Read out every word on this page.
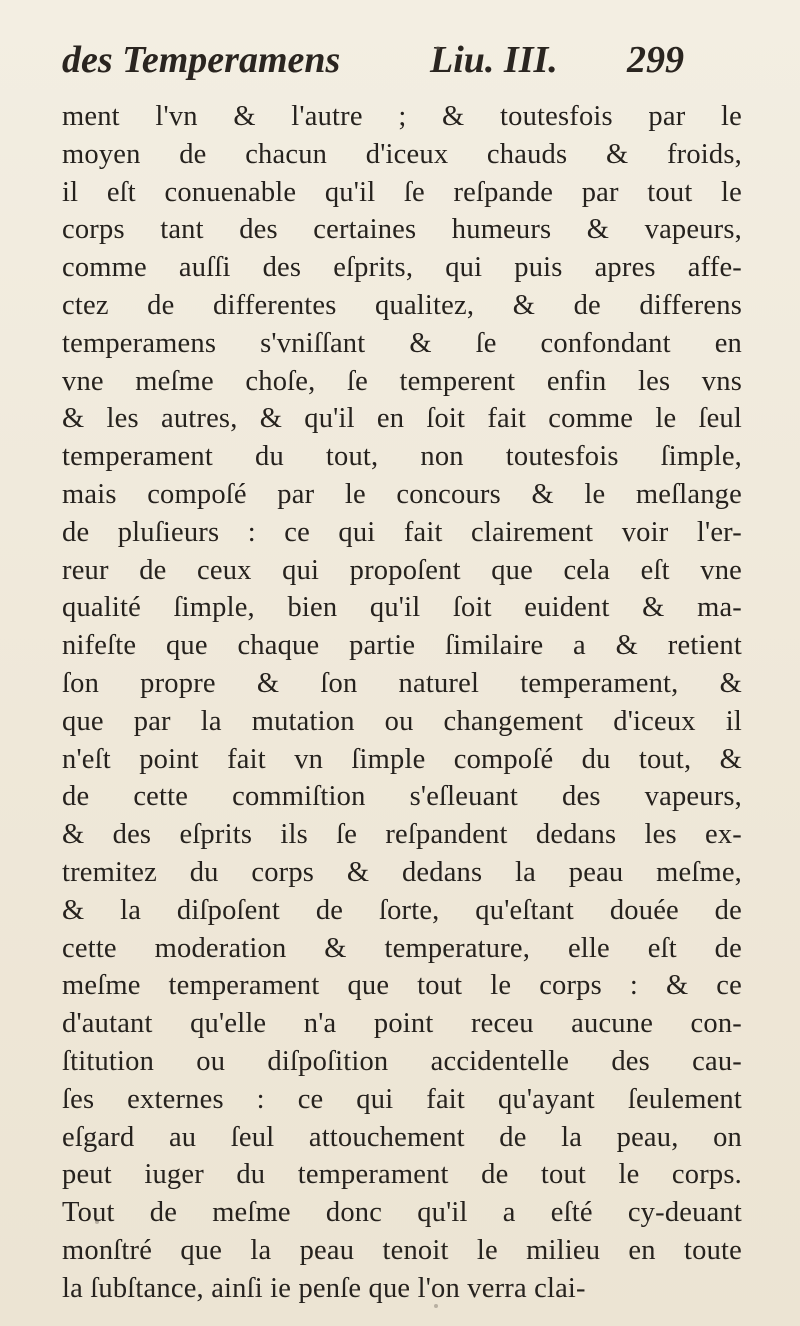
des Temperamens Liu. III. 299
ment l'vn & l'autre ; & toutesfois par le
moyen de chacun d'iceux chauds & froids,
il eſt conuenable qu'il ſe reſpande par tout le
corps tant des certaines humeurs & vapeurs,
comme auſſi des eſprits, qui puis apres affe-
ctez de differentes qualitez, & de differens
temperamens s'vniſſant & ſe confondant en
vne meſme choſe, ſe temperent enfin les vns
& les autres, & qu'il en ſoit fait comme le ſeul
temperament du tout, non toutesfois ſimple,
mais compoſé par le concours & le meſlange
de pluſieurs : ce qui fait clairement voir l'er-
reur de ceux qui propoſent que cela eſt vne
qualité ſimple, bien qu'il ſoit euident & ma-
nifeſte que chaque partie ſimilaire a & retient
ſon propre & ſon naturel temperament, &
que par la mutation ou changement d'iceux il
n'eſt point fait vn ſimple compoſé du tout, &
de cette commiſtion s'eſleuant des vapeurs,
& des eſprits ils ſe reſpandent dedans les ex-
tremitez du corps & dedans la peau meſme,
& la diſpoſent de ſorte, qu'eſtant douée de
cette moderation & temperature, elle eſt de
meſme temperament que tout le corps : & ce
d'autant qu'elle n'a point receu aucune con-
ſtitution ou diſpoſition accidentelle des cau-
ſes externes : ce qui fait qu'ayant ſeulement
eſgard au ſeul attouchement de la peau, on
peut iuger du temperament de tout le corps.
Tout de meſme donc qu'il a eſté cy-deuant
monſtré que la peau tenoit le milieu en toute
la ſubſtance, ainſi ie penſe que l'on verra clai-
